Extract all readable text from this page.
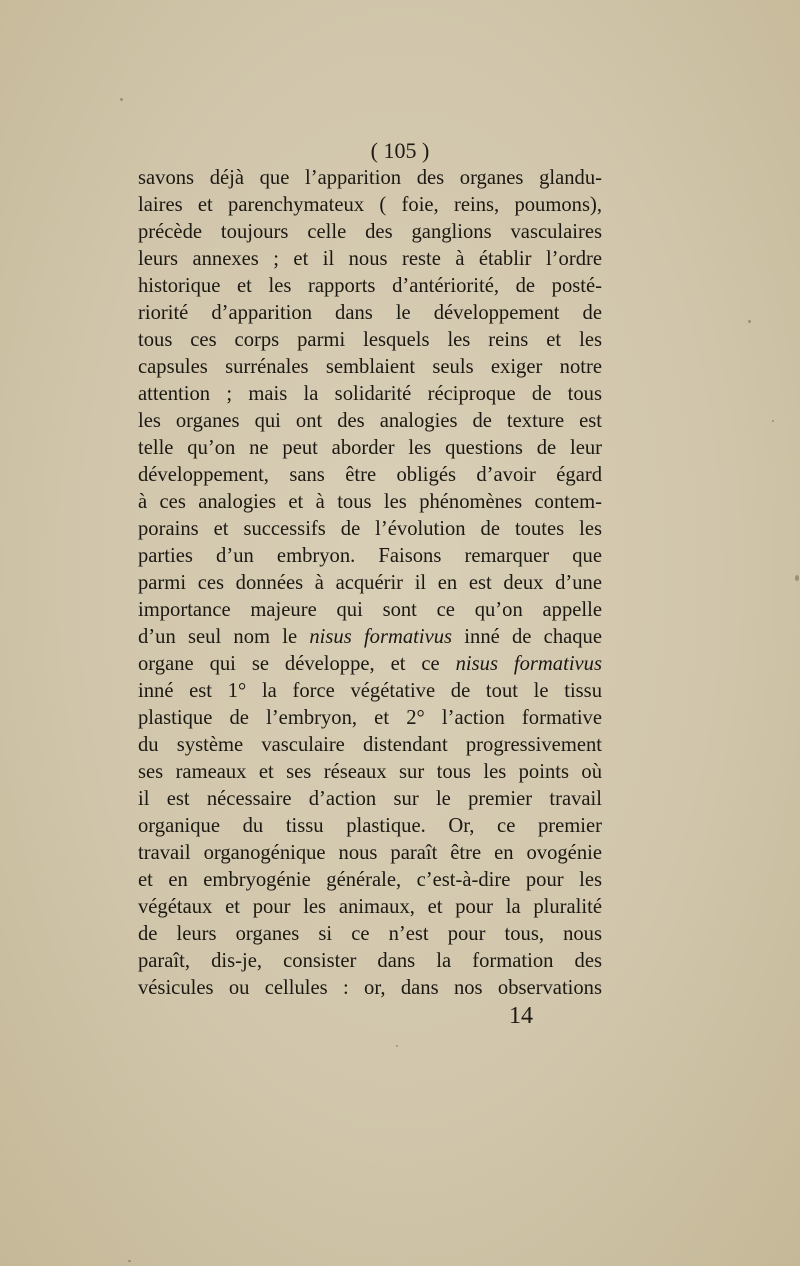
( 105 )
savons déjà que l’apparition des organes glandu-
laires et parenchymateux ( foie, reins, poumons),
précède toujours celle des ganglions vasculaires
leurs annexes ; et il nous reste à établir l’ordre
historique et les rapports d’antériorité, de posté-
riorité d’apparition dans le développement de
tous ces corps parmi lesquels les reins et les
capsules surrénales semblaient seuls exiger notre
attention ; mais la solidarité réciproque de tous
les organes qui ont des analogies de texture est
telle qu’on ne peut aborder les questions de leur
développement, sans être obligés d’avoir égard
à ces analogies et à tous les phénomènes contem-
porains et successifs de l’évolution de toutes les
parties d’un embryon. Faisons remarquer que
parmi ces données à acquérir il en est deux d’une
importance majeure qui sont ce qu’on appelle
d’un seul nom le nisus formativus inné de chaque
organe qui se développe, et ce nisus formativus
inné est 1° la force végétative de tout le tissu
plastique de l’embryon, et 2° l’action formative
du système vasculaire distendant progressivement
ses rameaux et ses réseaux sur tous les points où
il est nécessaire d’action sur le premier travail
organique du tissu plastique. Or, ce premier
travail organogénique nous paraît être en ovogénie
et en embryogénie générale, c’est-à-dire pour les
végétaux et pour les animaux, et pour la pluralité
de leurs organes si ce n’est pour tous, nous
paraît, dis-je, consister dans la formation des
vésicules ou cellules : or, dans nos observations
14
